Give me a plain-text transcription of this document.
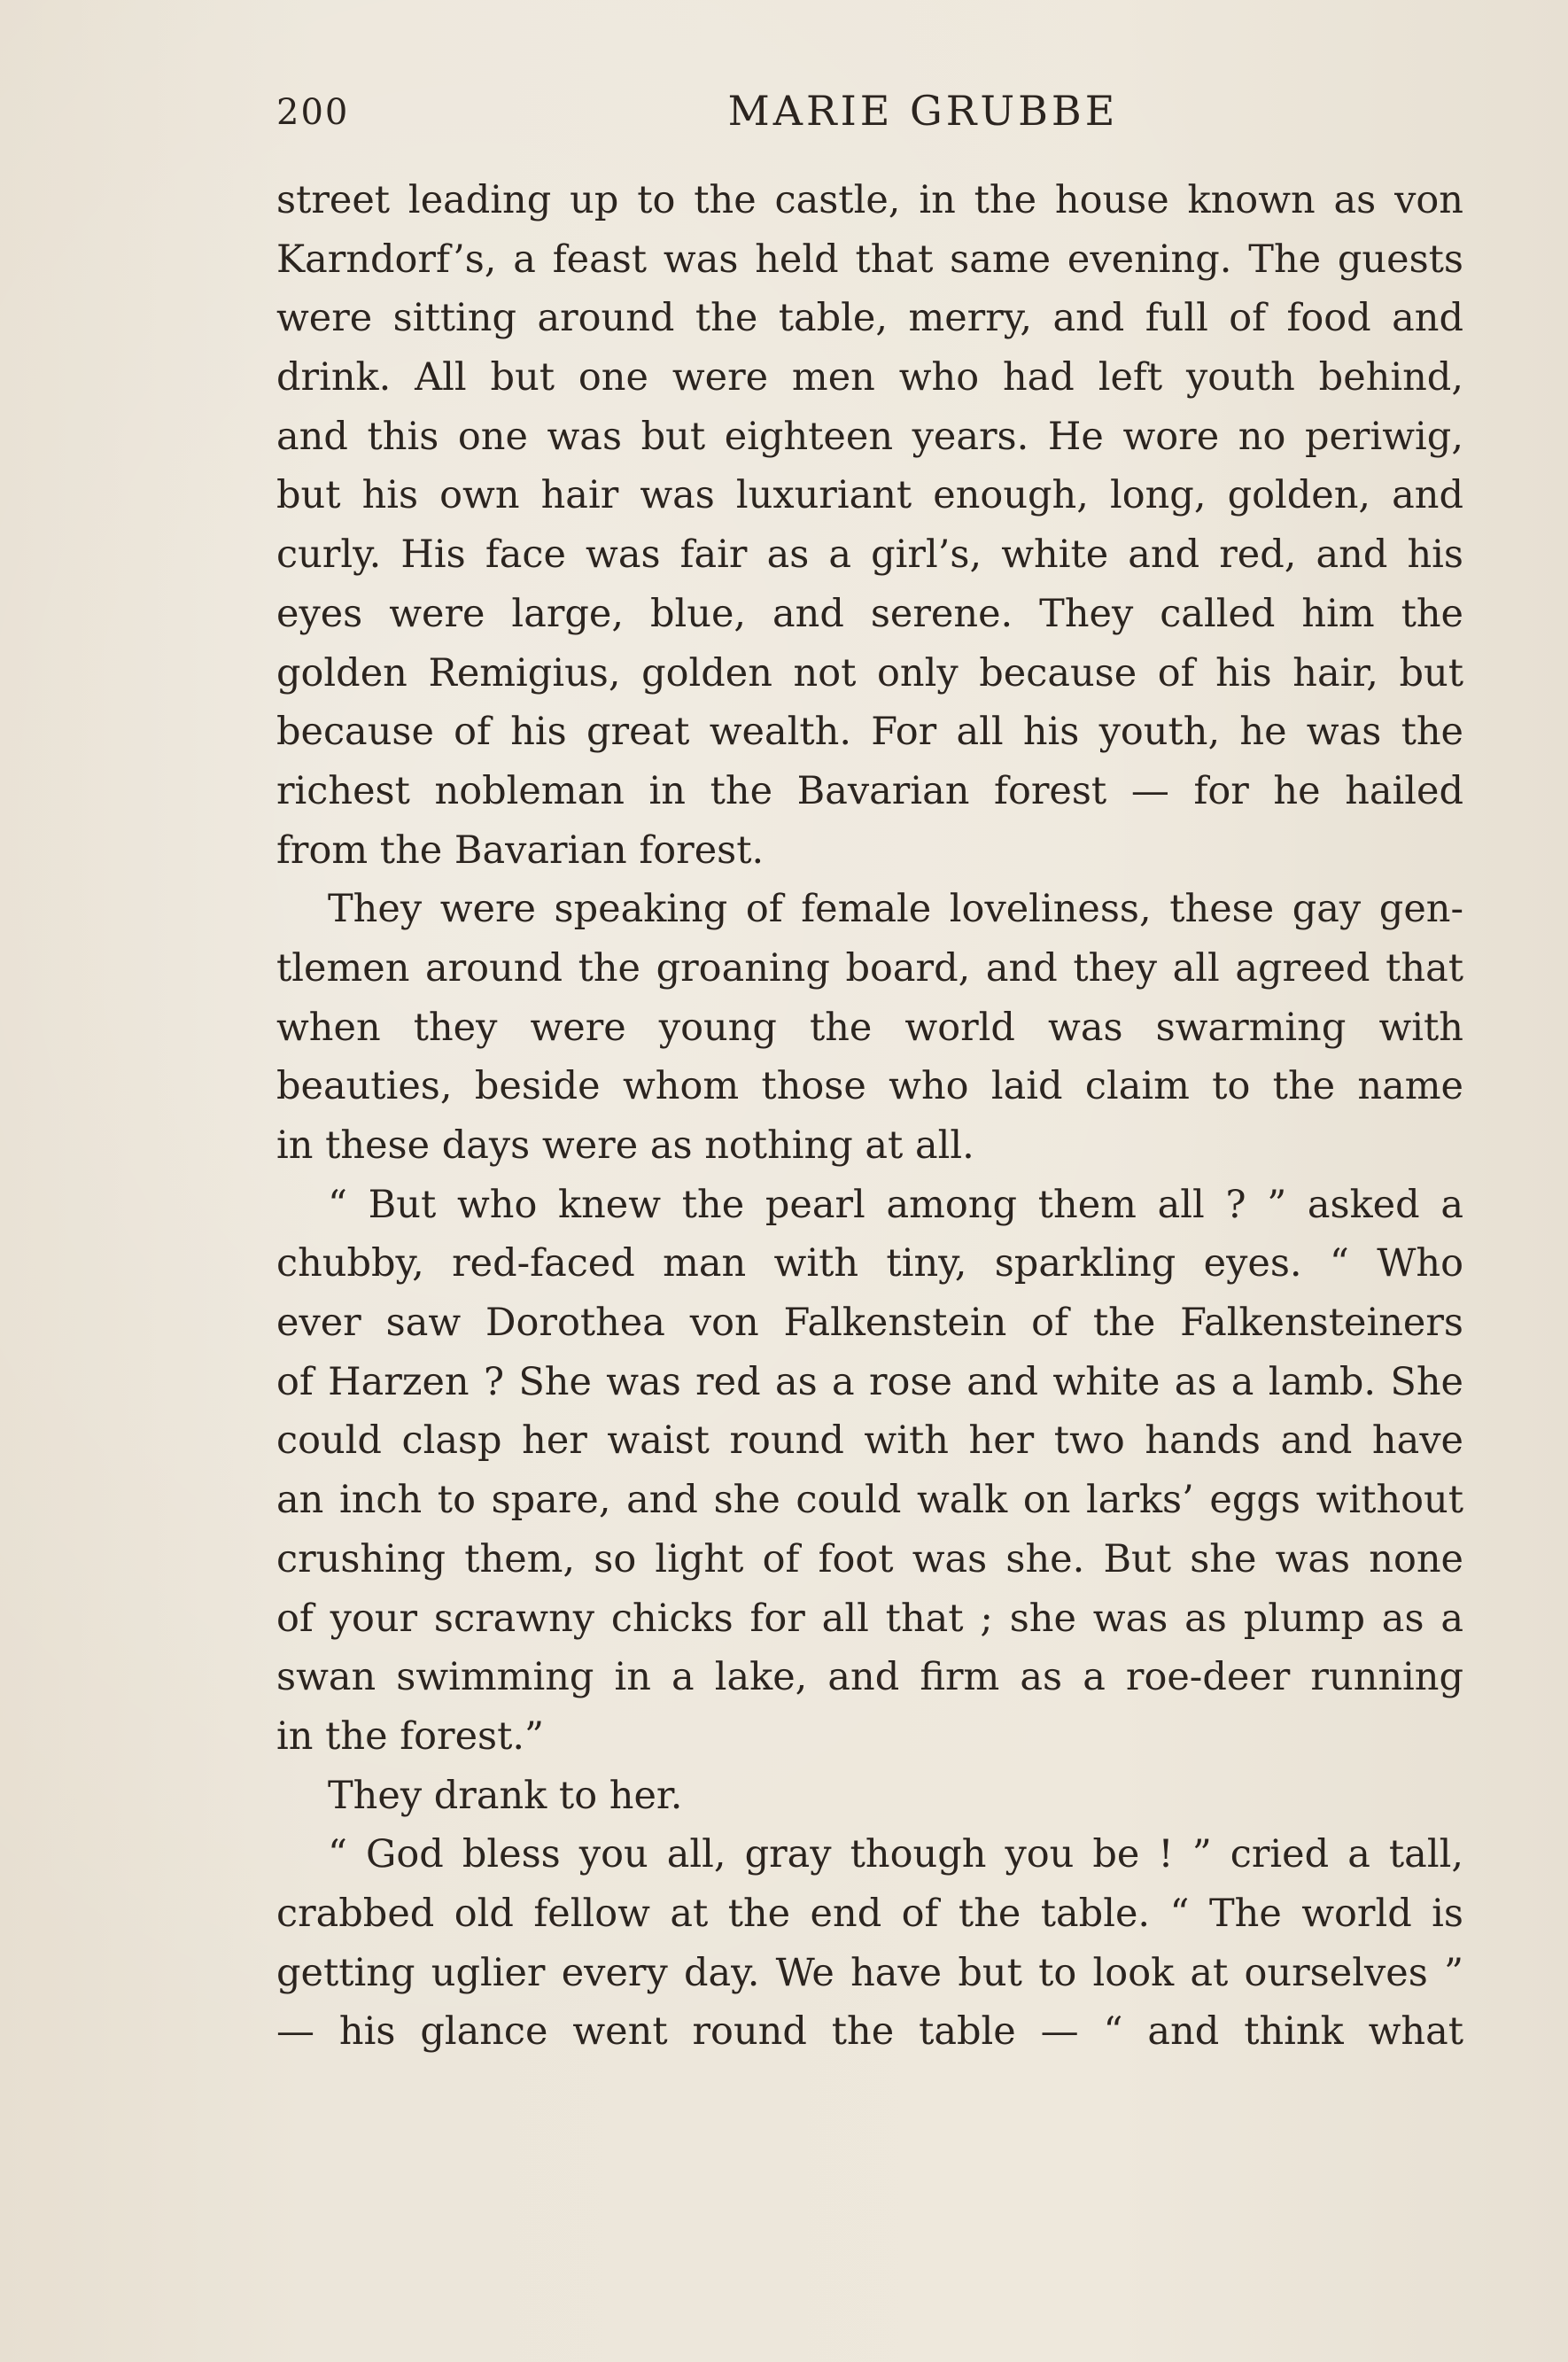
200	MARIE GRUBBE
street leading up to the castle, in the house known as von
Karndorf’s, a feast was held that same evening. The guests
were sitting around the table, merry, and full of food and
drink. All but one were men who had left youth behind,
and this one was but eighteen years. He wore no periwig,
but his own hair was luxuriant enough, long, golden, and
curly. His face was fair as a girl’s, white and red, and his
eyes were large, blue, and serene. They called him the
golden Remigius, golden not only because of his hair, but
because of his great wealth. For all his youth, he was the
richest nobleman in the Bavarian forest — for he hailed
from the Bavarian forest.
They were speaking of female loveliness, these gay gen-
tlemen around the groaning board, and they all agreed that
when they were young the world was swarming with
beauties, beside whom those who laid claim to the name
in these days were as nothing at all.
“ But who knew the pearl among them all ? ” asked a
chubby, red-faced man with tiny, sparkling eyes. “ Who
ever saw Dorothea von Falkenstein of the Falkensteiners
of Harzen ? She was red as a rose and white as a lamb. She
could clasp her waist round with her two hands and have
an inch to spare, and she could walk on larks’ eggs without
crushing them, so light of foot was she. But she was none
of your scrawny chicks for all that ; she was as plump as a
swan swimming in a lake, and firm as a roe-deer running
in the forest.”
They drank to her.
“ God bless you all, gray though you be ! ” cried a tall,
crabbed old fellow at the end of the table. “ The world is
getting uglier every day. We have but to look at ourselves ”
— his glance went round the table — “ and think what
